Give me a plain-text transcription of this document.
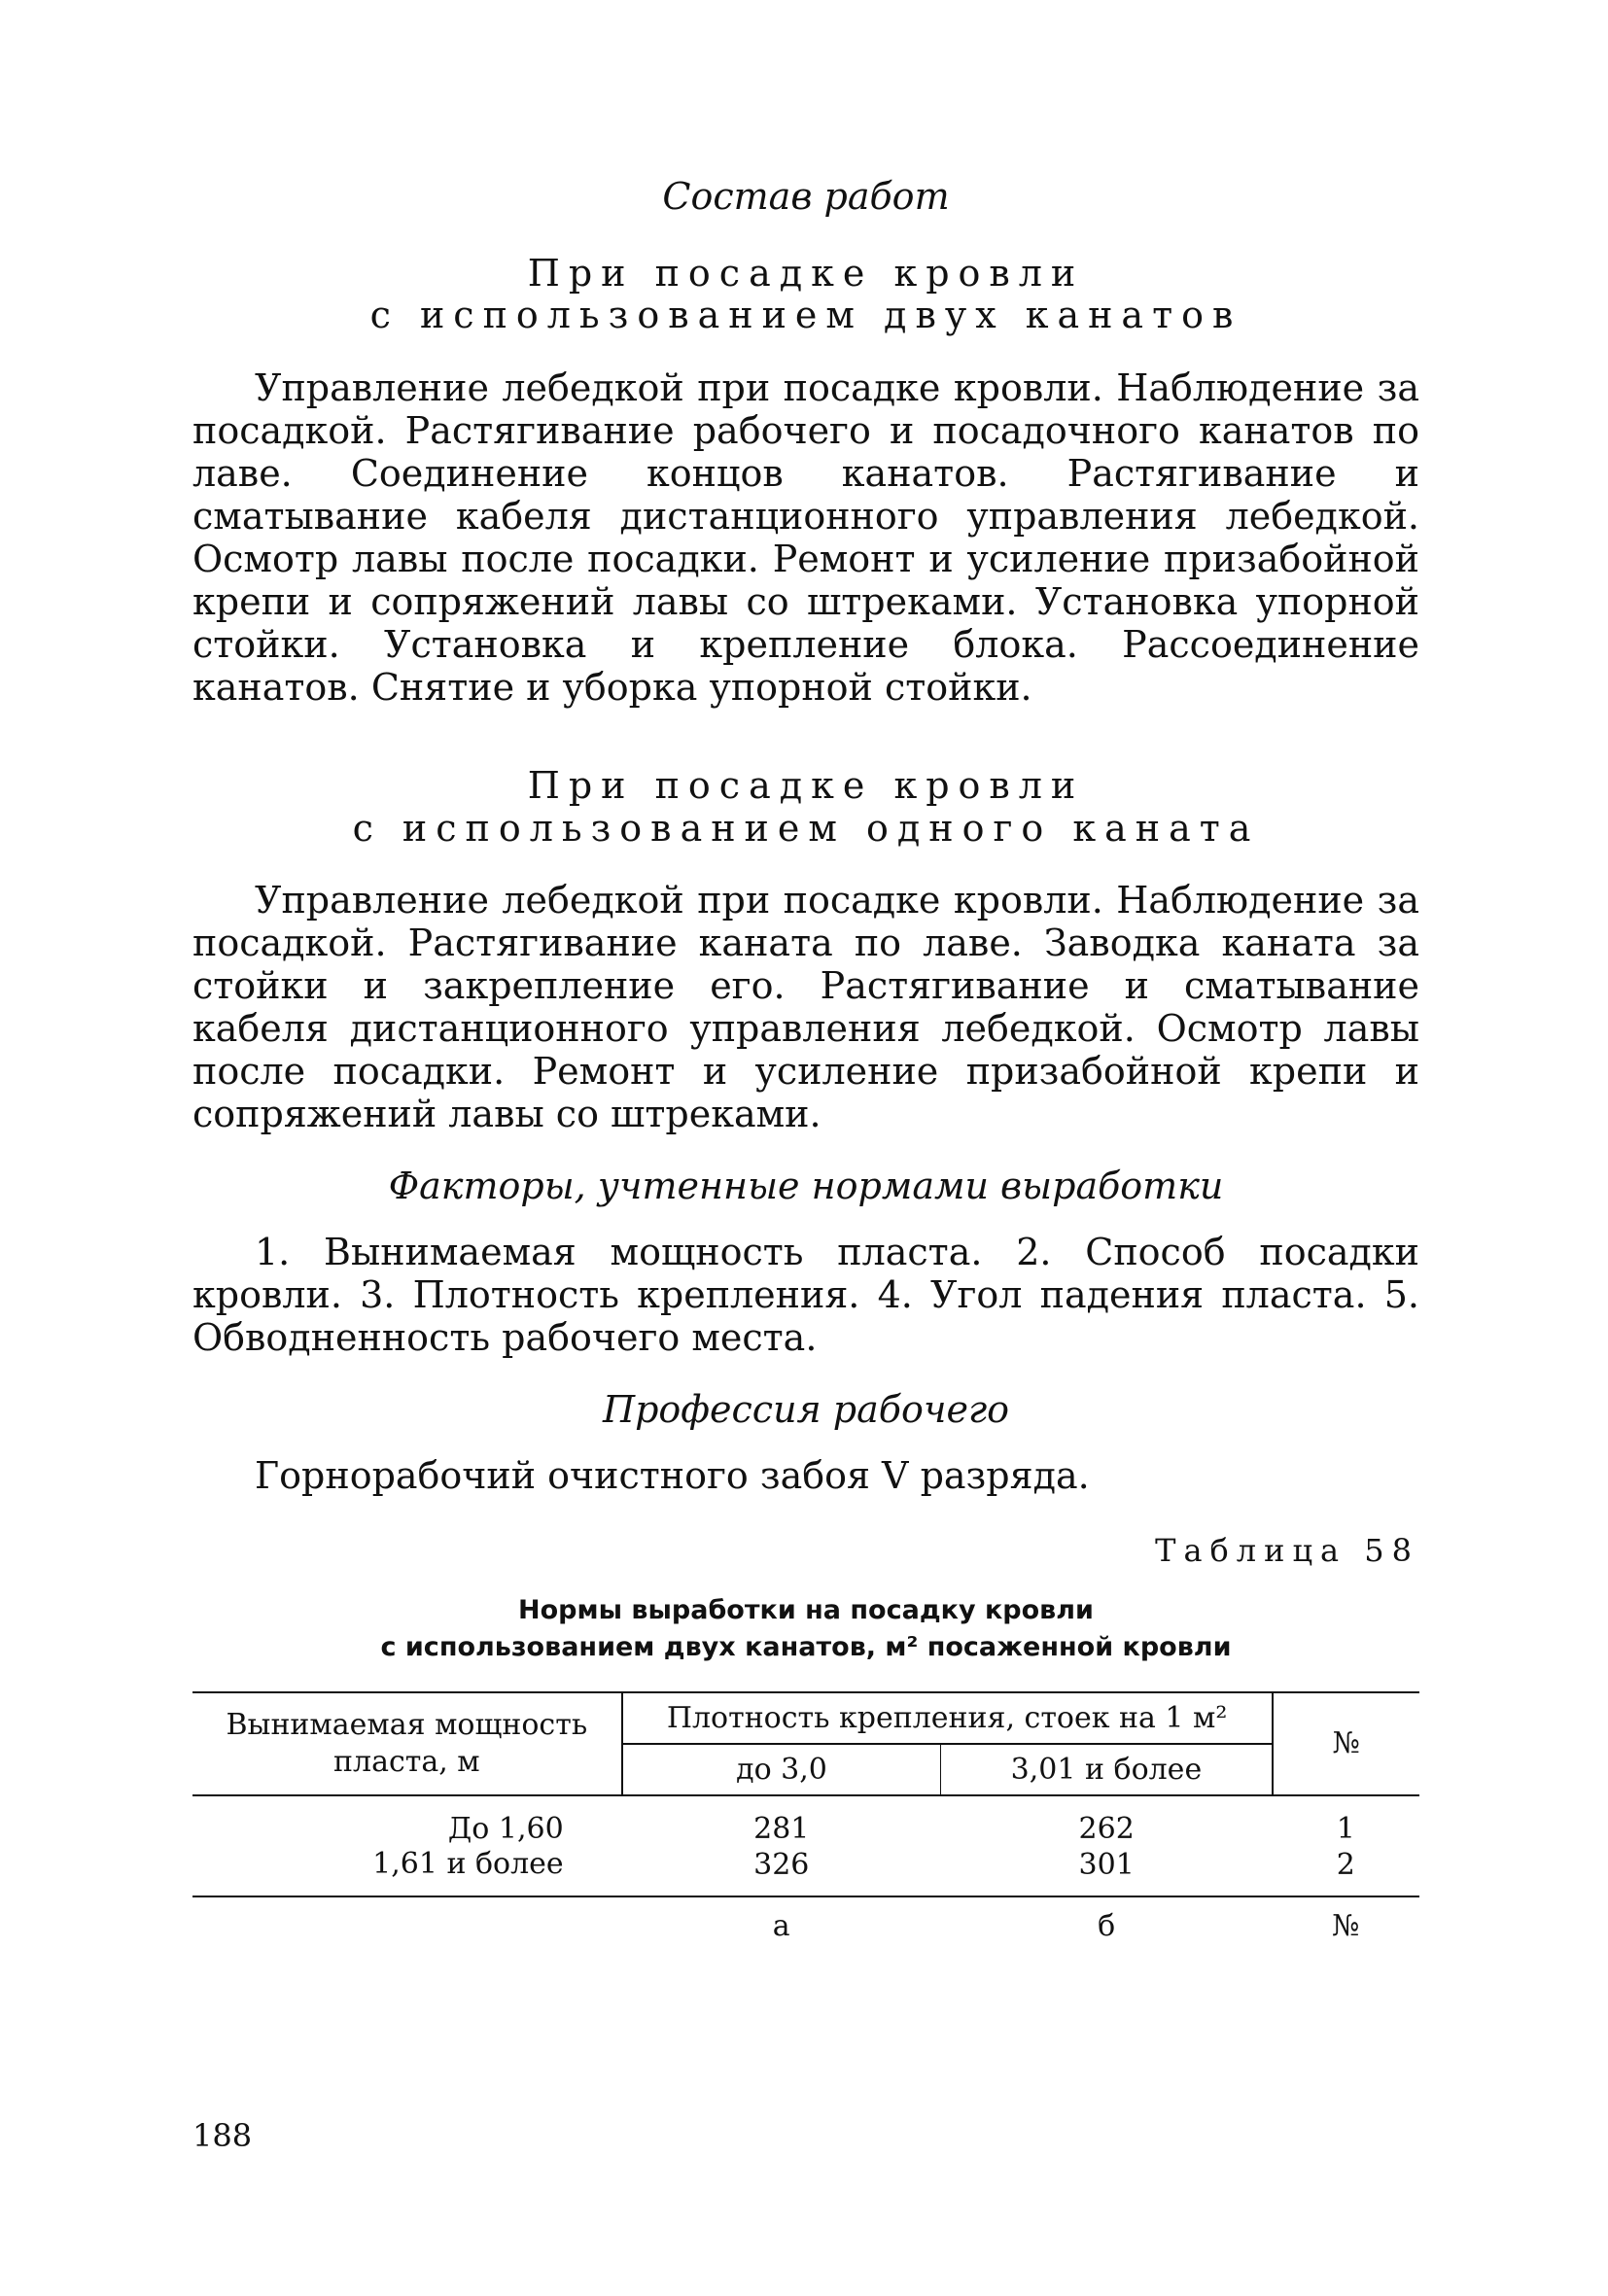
Состав работ
При посадке кровли
с использованием двух канатов

Управление лебедкой при посадке кровли. Наблюдение за посадкой. Растягивание рабочего и посадочного канатов по лаве. Соединение концов канатов. Растягивание и сматывание кабеля дистанционного управления лебедкой. Осмотр лавы после посадки. Ремонт и усиление призабойной крепи и сопряжений лавы со штреками. Установка упорной стойки. Установка и крепление блока. Рассоединение канатов. Снятие и уборка упорной стойки.

При посадке кровли
с использованием одного каната

Управление лебедкой при посадке кровли. Наблюдение за посадкой. Растягивание каната по лаве. Заводка каната за стойки и закрепление его. Растягивание и сматывание кабеля дистанционного управления лебедкой. Осмотр лавы после посадки. Ремонт и усиление призабойной крепи и сопряжений лавы со штреками.

Факторы, учтенные нормами выработки

1. Вынимаемая мощность пласта. 2. Способ посадки кровли. 3. Плотность крепления. 4. Угол падения пласта. 5. Обводненность рабочего места.

Профессия рабочего

Горнорабочий очистного забоя V разряда.

Таблица 58
Нормы выработки на посадку кровли
с использованием двух канатов, м² посаженной кровли
Вынимаемая мощность пласта, м	Плотность крепления, стоек на 1 м²		№
	до 3,0	3,01 и более	
До 1,60	281	262	1
1,61 и более	326	301	2
	а	б	№
188
